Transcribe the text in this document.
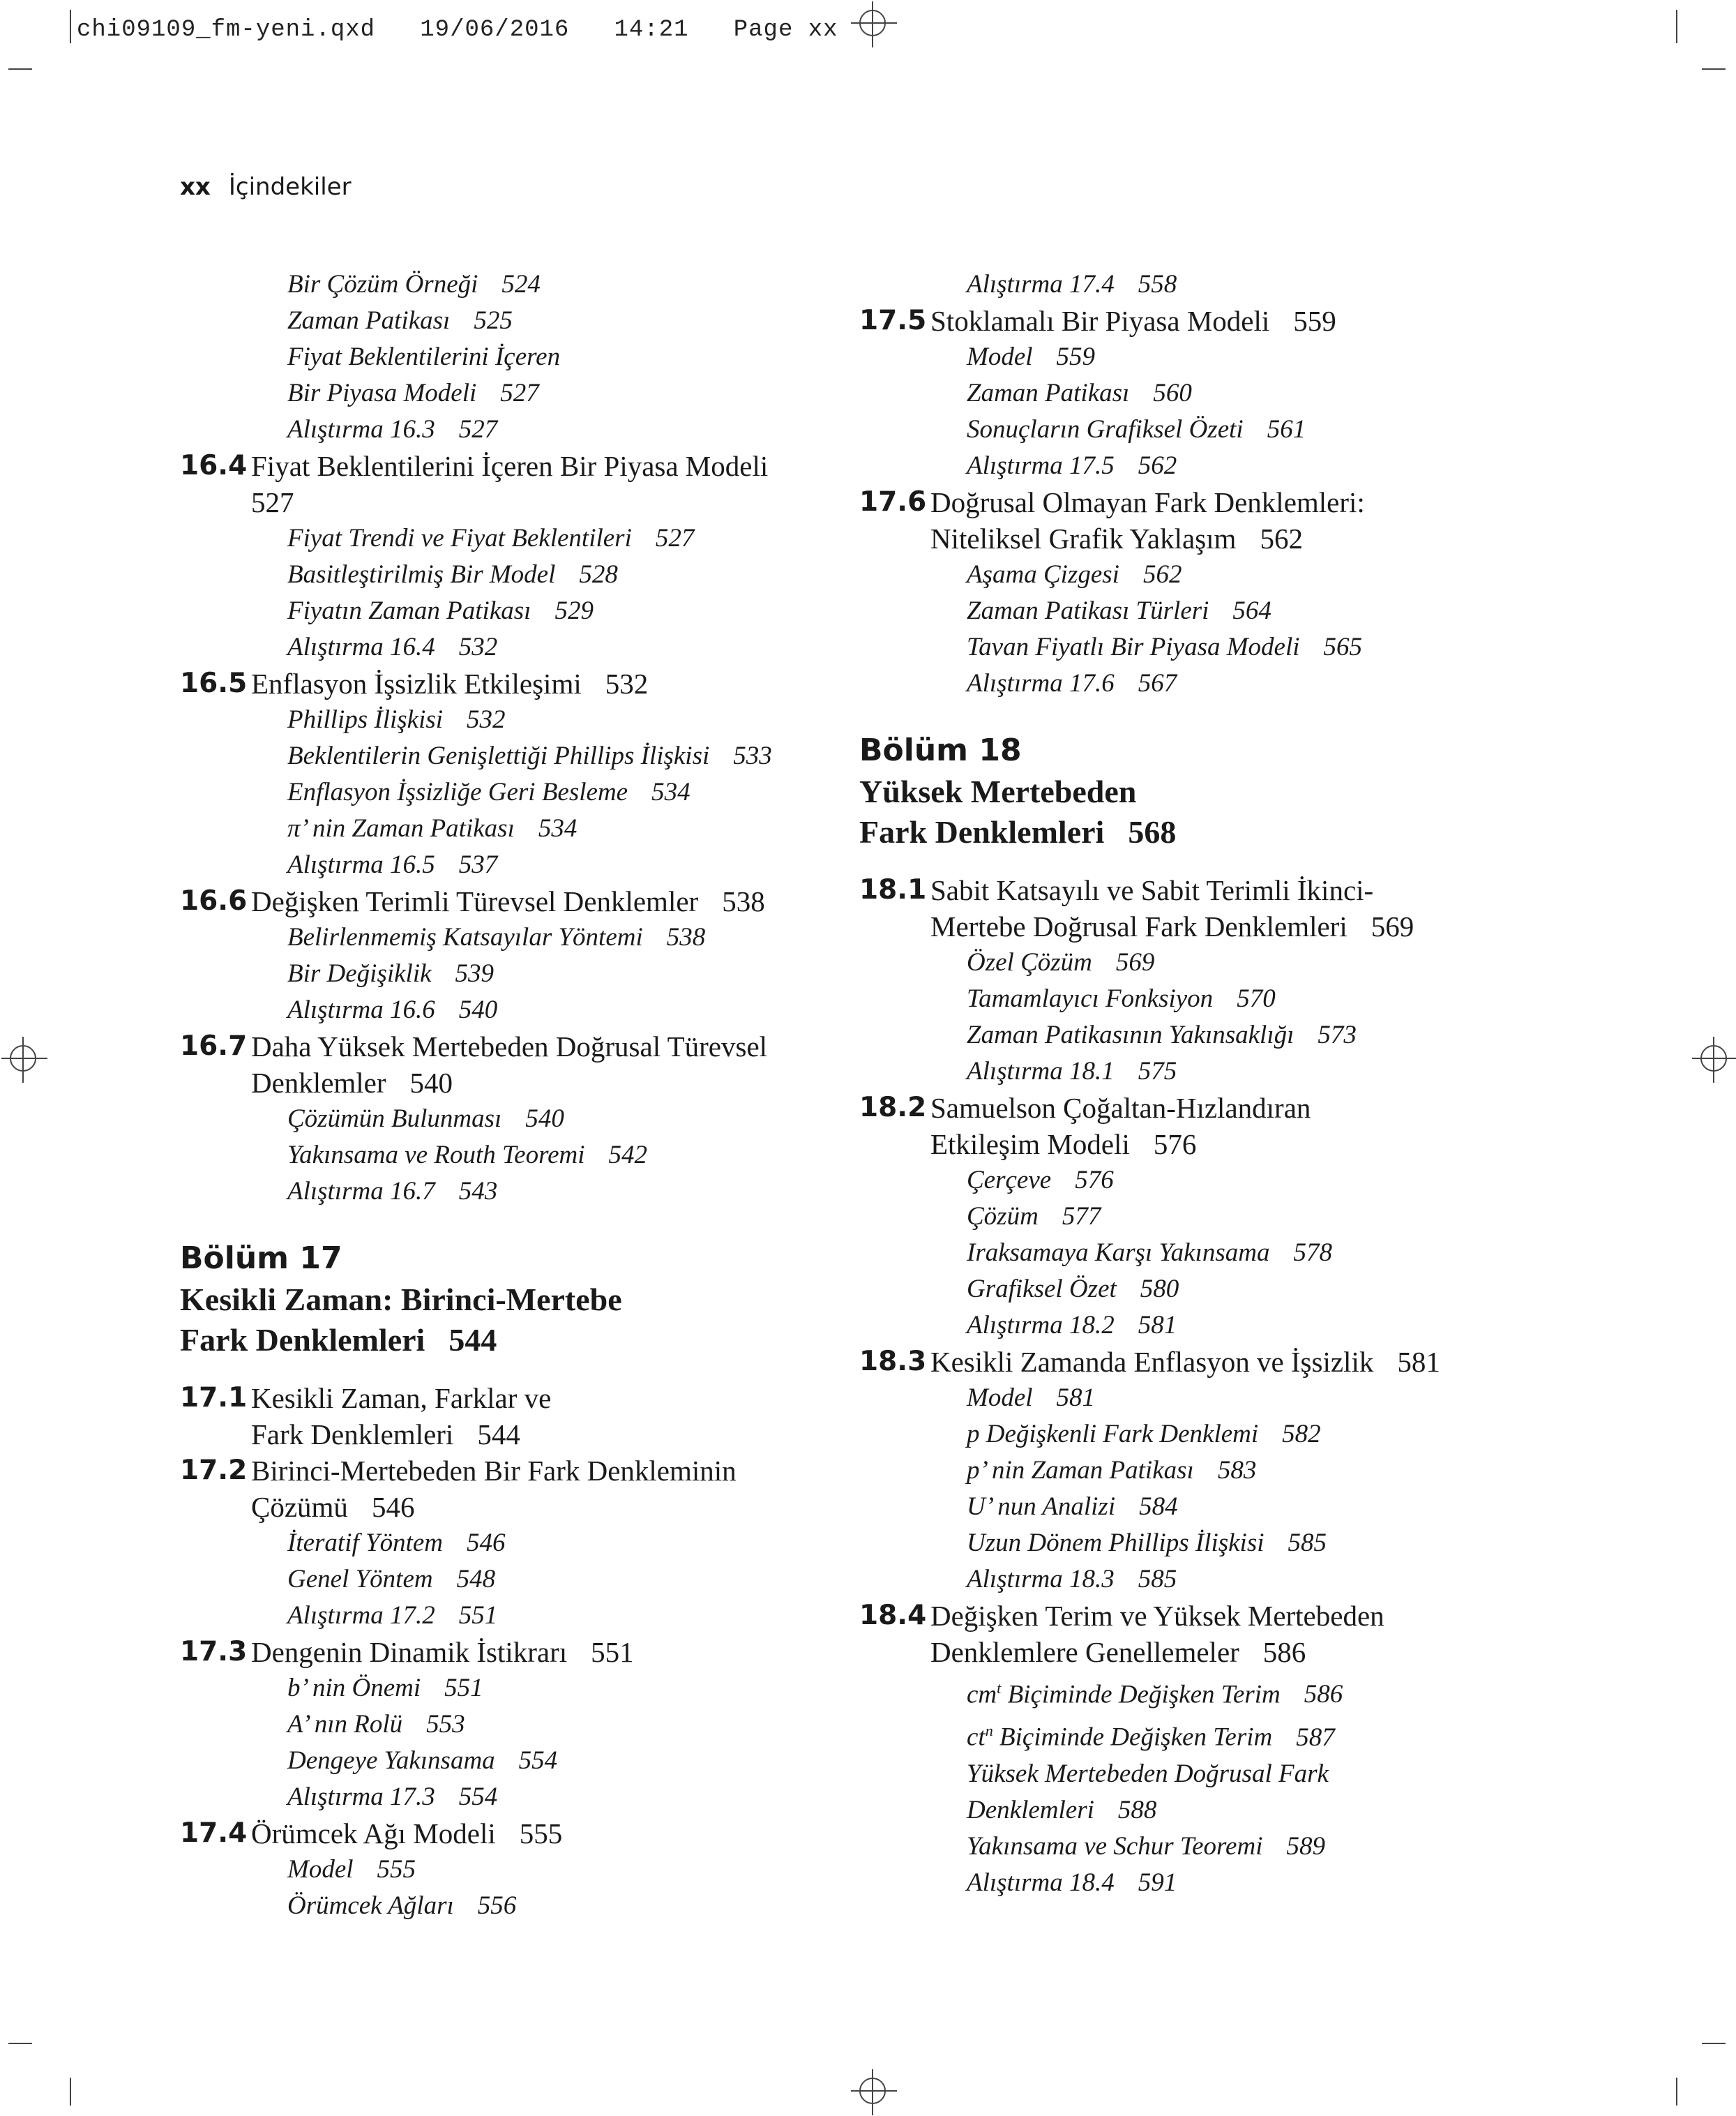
chi09109_fm-yeni.qxd   19/06/2016   14:21   Page xx
xx İçindekiler
Bir Çözüm Örneği 524
Zaman Patikası 525
Fiyat Beklentilerini İçeren
Bir Piyasa Modeli 527
Alıştırma 16.3 527
16.4 Fiyat Beklentilerini İçeren Bir Piyasa Modeli
527
Fiyat Trendi ve Fiyat Beklentileri 527
Basitleştirilmiş Bir Model 528
Fiyatın Zaman Patikası 529
Alıştırma 16.4 532
16.5 Enflasyon İşsizlik Etkileşimi 532
Phillips İlişkisi 532
Beklentilerin Genişlettiği Phillips İlişkisi 533
Enflasyon İşsizliğe Geri Besleme 534
π’ nin Zaman Patikası 534
Alıştırma 16.5 537
16.6 Değişken Terimli Türevsel Denklemler 538
Belirlenmemiş Katsayılar Yöntemi 538
Bir Değişiklik 539
Alıştırma 16.6 540
16.7 Daha Yüksek Mertebeden Doğrusal Türevsel
Denklemler 540
Çözümün Bulunması 540
Yakınsama ve Routh Teoremi 542
Alıştırma 16.7 543
Bölüm 17
Kesikli Zaman: Birinci-Mertebe
Fark Denklemleri 544
17.1 Kesikli Zaman, Farklar ve
Fark Denklemleri 544
17.2 Birinci-Mertebeden Bir Fark Denkleminin
Çözümü 546
İteratif Yöntem 546
Genel Yöntem 548
Alıştırma 17.2 551
17.3 Dengenin Dinamik İstikrarı 551
b’ nin Önemi 551
A’ nın Rolü 553
Dengeye Yakınsama 554
Alıştırma 17.3 554
17.4 Örümcek Ağı Modeli 555
Model 555
Örümcek Ağları 556
Alıştırma 17.4 558
17.5 Stoklamalı Bir Piyasa Modeli 559
Model 559
Zaman Patikası 560
Sonuçların Grafiksel Özeti 561
Alıştırma 17.5 562
17.6 Doğrusal Olmayan Fark Denklemleri:
Niteliksel Grafik Yaklaşım 562
Aşama Çizgesi 562
Zaman Patikası Türleri 564
Tavan Fiyatlı Bir Piyasa Modeli 565
Alıştırma 17.6 567
Bölüm 18
Yüksek Mertebeden
Fark Denklemleri 568
18.1 Sabit Katsayılı ve Sabit Terimli İkinci-
Mertebe Doğrusal Fark Denklemleri 569
Özel Çözüm 569
Tamamlayıcı Fonksiyon 570
Zaman Patikasının Yakınsaklığı 573
Alıştırma 18.1 575
18.2 Samuelson Çoğaltan-Hızlandıran
Etkileşim Modeli 576
Çerçeve 576
Çözüm 577
Iraksamaya Karşı Yakınsama 578
Grafiksel Özet 580
Alıştırma 18.2 581
18.3 Kesikli Zamanda Enflasyon ve İşsizlik 581
Model 581
p Değişkenli Fark Denklemi 582
p’ nin Zaman Patikası 583
U’ nun Analizi 584
Uzun Dönem Phillips İlişkisi 585
Alıştırma 18.3 585
18.4 Değişken Terim ve Yüksek Mertebeden
Denklemlere Genellemeler 586
$cm^t$ Biçiminde Değişken Terim 586
$ct^n$ Biçiminde Değişken Terim 587
Yüksek Mertebeden Doğrusal Fark
Denklemleri 588
Yakınsama ve Schur Teoremi 589
Alıştırma 18.4 591
